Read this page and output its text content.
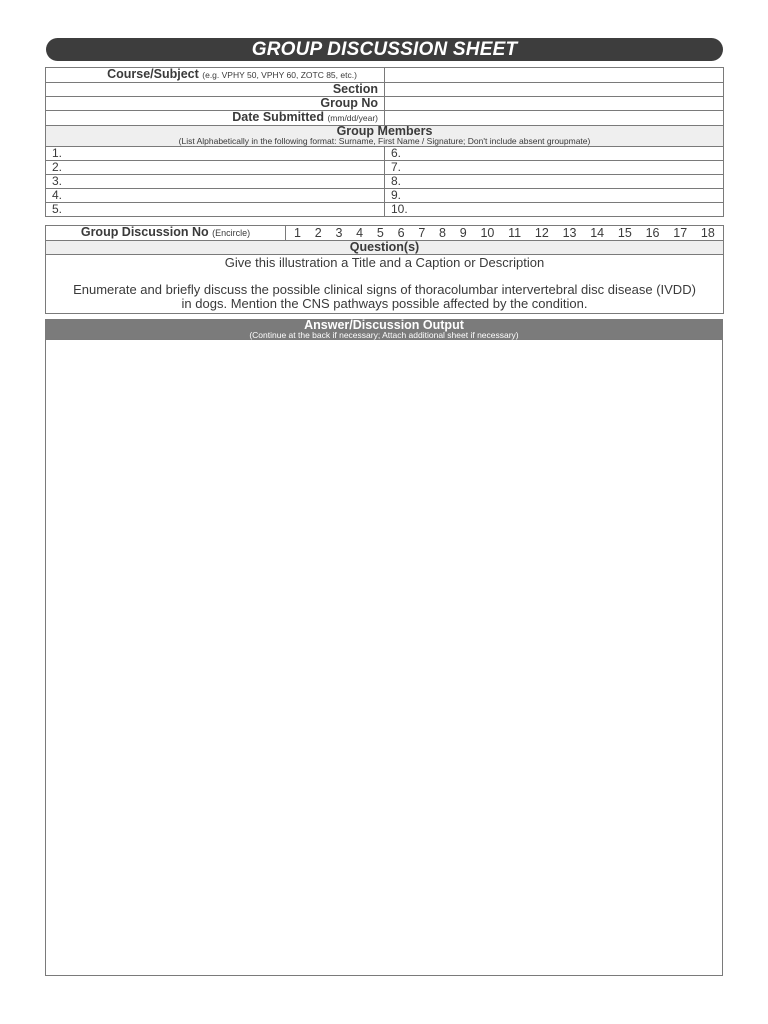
GROUP DISCUSSION SHEET
Course/Subject (e.g. VPHY 50, VPHY 60, ZOTC 85, etc.)	
Section	
Group No	
Date Submitted (mm/dd/year)	

Group Members
(List Alphabetically in the following format: Surname, First Name / Signature; Don't include absent groupmate)	

1.	6.
2.	7.
3.	8.
4.	9.
5.	10.
Group Discussion No (Encircle)	1 2 3 4 5 6 7 8 9 10 11 12 13 14 15 16 17 18

Question(s)

Give this illustration a Title and a Caption or Description

Enumerate and briefly discuss the possible clinical signs of thoracolumbar intervertebral disc disease (IVDD)

in dogs. Mention the CNS pathways possible affected by the condition.

Answer/Discussion Output
(Continue at the back if necessary; Attach additional sheet if necessary)
